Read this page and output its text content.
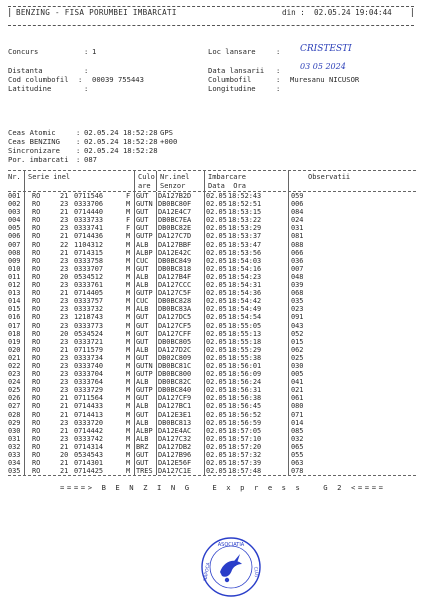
|

	|

BENZING - FISA PORUMBEI IMBARCATI	din : 02.05.24 19:04:44
Concurs	: 1
Distanta	:
Cod columbofil : 00039 755443
Latitudine	:
Loc lansare	:
Data lansarii :
Columbofil	: Muresanu NICUSOR
Longitudine	:
CRISTESTI
03 05 2024
Ceas Atomic	: 02.05.24 18:52:28 GPS
Ceas BENZING : 02.05.24 18:52:28 +000
Sincronizare : 02.05.24 18:52:28
Por. imbarcati : 087
Nr. Serie inel	Culo
are
Nr.inel
Senzor
Imbarcare
Data  Ora
Observatii
001 RO	21 0711546	F GUT DA127B2D 02.05 18:52:43	059
002 RO	23 0333706	M GUTN DB0BC80F 02.05 18:52:51	006
003 RO	21 0714440	M GUT DA12E4C7 02.05 18:53:15	084
004 RO	23 0333733	F GUT DB0BC7EA 02.05 18:53:22	024
005 RO	23 0333741	F GUT DB0BC82E 02.05 18:53:29	031
006 RO	21 0714436	M GUTP DA127C7D 02.05 18:53:37	081
007 RO	22 1104312	M ALB DA127BBF 02.05 18:53:47	088
008 RO	21 0714315	M ALBP DA12E42C 02.05 18:53:56	066
009 RO	23 0333758	M CUC DB0BC849 02.05 18:54:03	036
010 RO	23 0333707	M GUT DB0BC818 02.05 18:54:16	007
011 RO	20 0534512	M ALB DA127B4F 02.05 18:54:23	048
012 RO	23 0333761	M ALB DA127CCC 02.05 18:54:31	039
013 RO	21 0714405	M GUTP DA127C5F 02.05 18:54:36	068
014 RO	23 0333757	M CUC DB0BC828 02.05 18:54:42	035
015 RO	23 0333732	M ALB DB0BC83A 02.05 18:54:49	023
016 RO	23 1218743	M GUT DA127DC5 02.05 18:54:54	091
017 RO	23 0333773	M GUT DA127CF5 02.05 18:55:05	043
018 RO	20 0534524	M GUT DA127CFF 02.05 18:55:13	052
019 RO	23 0333721	M GUT DB0BC805 02.05 18:55:18	015
020 RO	21 0711579	M ALB DA127D2C 02.05 18:55:29	062
021 RO	23 0333734	M GUT DB02C809 02.05 18:55:38	025
022 RO	23 0333740	M GUTN DB0BC81C 02.05 18:56:01	030
023 RO	23 0333704	M GUTP DB0BC800 02.05 18:56:09	005
024 RO	23 0333764	M ALB DB0BC82C 02.05 18:56:24	041
025 RO	23 0333729	M GUTP DB0BC840 02.05 18:56:31	021
026 RO	21 0711564	M GUT DA127CF9 02.05 18:56:38	061
027 RO	21 0714433	M ALB DA127BC1 02.05 18:56:45	080
028 RO	21 0714413	M GUT DA12E3E1 02.05 18:56:52	071
029 RO	23 0333720	M ALB DB0BC813 02.05 18:56:59	014
030 RO	21 0714442	M ALBP DA12E4AC 02.05 18:57:05	085
031 RO	23 0333742	M ALB DA127C32 02.05 18:57:10	032
032 RO	21 0714314	M BRZ DA127DB2 02.05 18:57:20	065
033 RO	20 0534543	M GUT DA127B96 02.05 18:57:32	055
034 RO	21 0714301	M GUT DA12E56F 02.05 18:57:39	063
035 RO	21 0714425	M TRES DA127C1E 02.05 18:57:48	078
====> B E N Z I N G   E x p r e s s   G 2 <====
ASOCIATIA
CLUJ
NAPOCA
